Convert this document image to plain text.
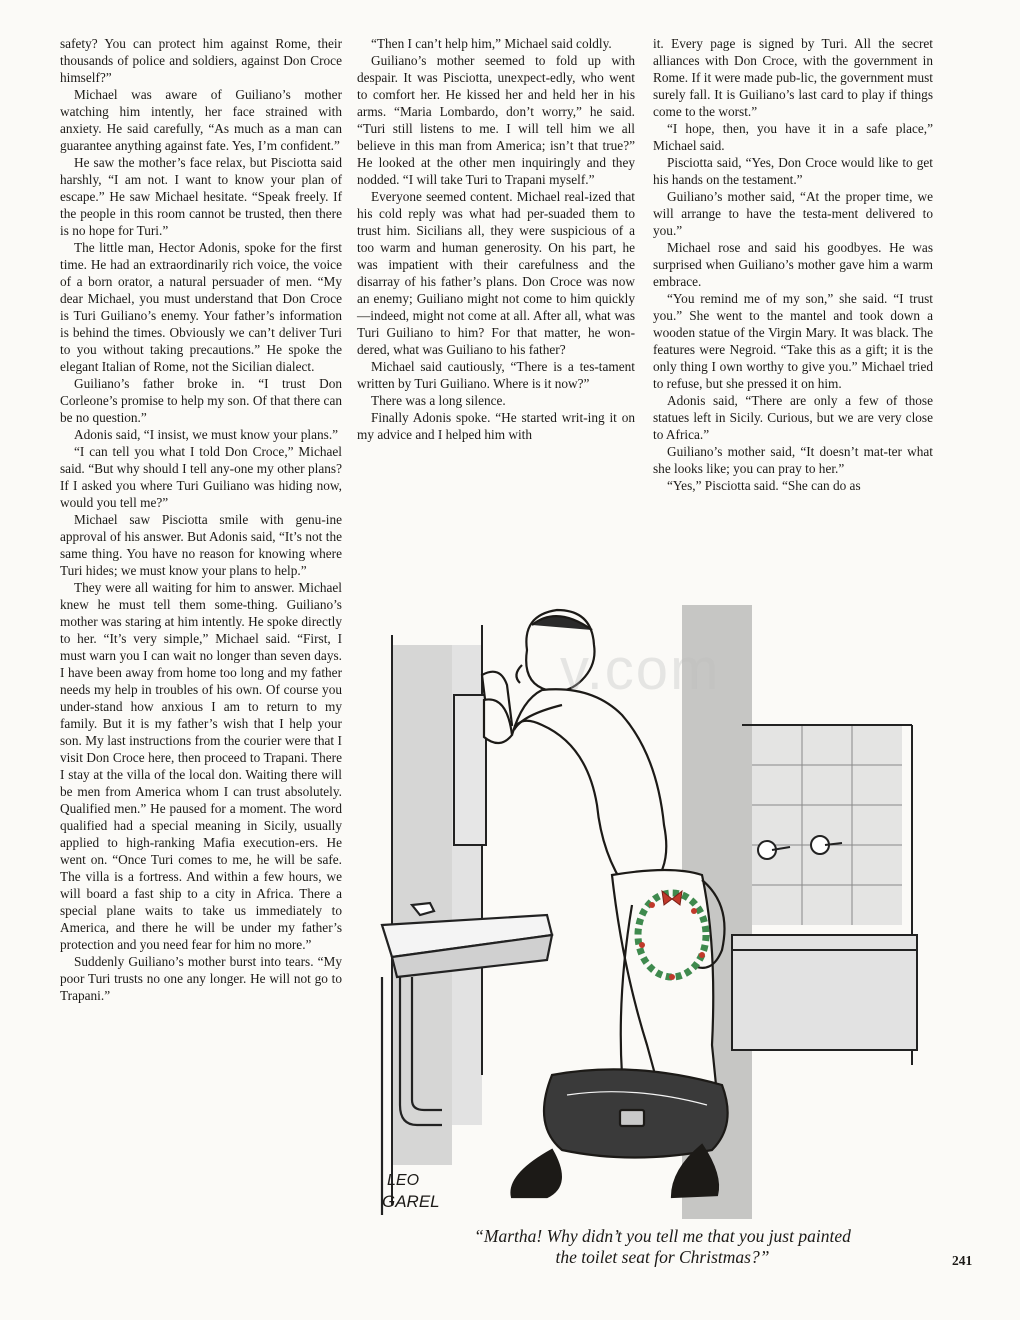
safety? You can protect him against Rome, their thousands of police and soldiers, against Don Croce himself?”

Michael was aware of Guiliano’s mother watching him intently, her face strained with anxiety. He said carefully, “As much as a man can guarantee anything against fate. Yes, I’m confident.”

He saw the mother’s face relax, but Pisciotta said harshly, “I am not. I want to know your plan of escape.” He saw Michael hesitate. “Speak freely. If the people in this room cannot be trusted, then there is no hope for Turi.”

The little man, Hector Adonis, spoke for the first time. He had an extraordinarily rich voice, the voice of a born orator, a natural persuader of men. “My dear Michael, you must understand that Don Croce is Turi Guiliano’s enemy. Your father’s information is behind the times. Obviously we can’t deliver Turi to you without taking precautions.” He spoke the elegant Italian of Rome, not the Sicilian dialect.

Guiliano’s father broke in. “I trust Don Corleone’s promise to help my son. Of that there can be no question.”

Adonis said, “I insist, we must know your plans.”

“I can tell you what I told Don Croce,” Michael said. “But why should I tell any-one my other plans? If I asked you where Turi Guiliano was hiding now, would you tell me?”

Michael saw Pisciotta smile with genu-ine approval of his answer. But Adonis said, “It’s not the same thing. You have no reason for knowing where Turi hides; we must know your plans to help.”

They were all waiting for him to answer. Michael knew he must tell them some-thing. Guiliano’s mother was staring at him intently. He spoke directly to her. “It’s very simple,” Michael said. “First, I must warn you I can wait no longer than seven days. I have been away from home too long and my father needs my help in troubles of his own. Of course you under-stand how anxious I am to return to my family. But it is my father’s wish that I help your son. My last instructions from the courier were that I visit Don Croce here, then proceed to Trapani. There I stay at the villa of the local don. Waiting there will be men from America whom I can trust absolutely. Qualified men.” He paused for a moment. The word qualified had a special meaning in Sicily, usually applied to high-ranking Mafia execution-ers. He went on. “Once Turi comes to me, he will be safe. The villa is a fortress. And within a few hours, we will board a fast ship to a city in Africa. There a special plane waits to take us immediately to America, and there he will be under my father’s protection and you need fear for him no more.”

Suddenly Guiliano’s mother burst into tears. “My poor Turi trusts no one any longer. He will not go to Trapani.”

“Then I can’t help him,” Michael said coldly.

Guiliano’s mother seemed to fold up with despair. It was Pisciotta, unexpect-edly, who went to comfort her. He kissed her and held her in his arms. “Maria Lombardo, don’t worry,” he said. “Turi still listens to me. I will tell him we all believe in this man from America; isn’t that true?” He looked at the other men inquiringly and they nodded. “I will take Turi to Trapani myself.”

Everyone seemed content. Michael real-ized that his cold reply was what had per-suaded them to trust him. Sicilians all, they were suspicious of a too warm and human generosity. On his part, he was impatient with their carefulness and the disarray of his father’s plans. Don Croce was now an enemy; Guiliano might not come to him quickly—indeed, might not come at all. After all, what was Turi Guiliano to him? For that matter, he won-dered, what was Guiliano to his father?

Michael said cautiously, “There is a tes-tament written by Turi Guiliano. Where is it now?”

There was a long silence.

Finally Adonis spoke. “He started writ-ing it on my advice and I helped him with

it. Every page is signed by Turi. All the secret alliances with Don Croce, with the government in Rome. If it were made pub-lic, the government must surely fall. It is Guiliano’s last card to play if things come to the worst.”

“I hope, then, you have it in a safe place,” Michael said.

Pisciotta said, “Yes, Don Croce would like to get his hands on the testament.”

Guiliano’s mother said, “At the proper time, we will arrange to have the testa-ment delivered to you.”

Michael rose and said his goodbyes. He was surprised when Guiliano’s mother gave him a warm embrace.

“You remind me of my son,” she said. “I trust you.” She went to the mantel and took down a wooden statue of the Virgin Mary. It was black. The features were Negroid. “Take this as a gift; it is the only thing I own worthy to give you.” Michael tried to refuse, but she pressed it on him.

Adonis said, “There are only a few of those statues left in Sicily. Curious, but we are very close to Africa.”

Guiliano’s mother said, “It doesn’t mat-ter what she looks like; you can pray to her.”

“Yes,” Pisciotta said. “She can do as

LEO
GAREL
v.com
“Martha! Why didn’t you tell me that you just painted
the toilet seat for Christmas?”	241
